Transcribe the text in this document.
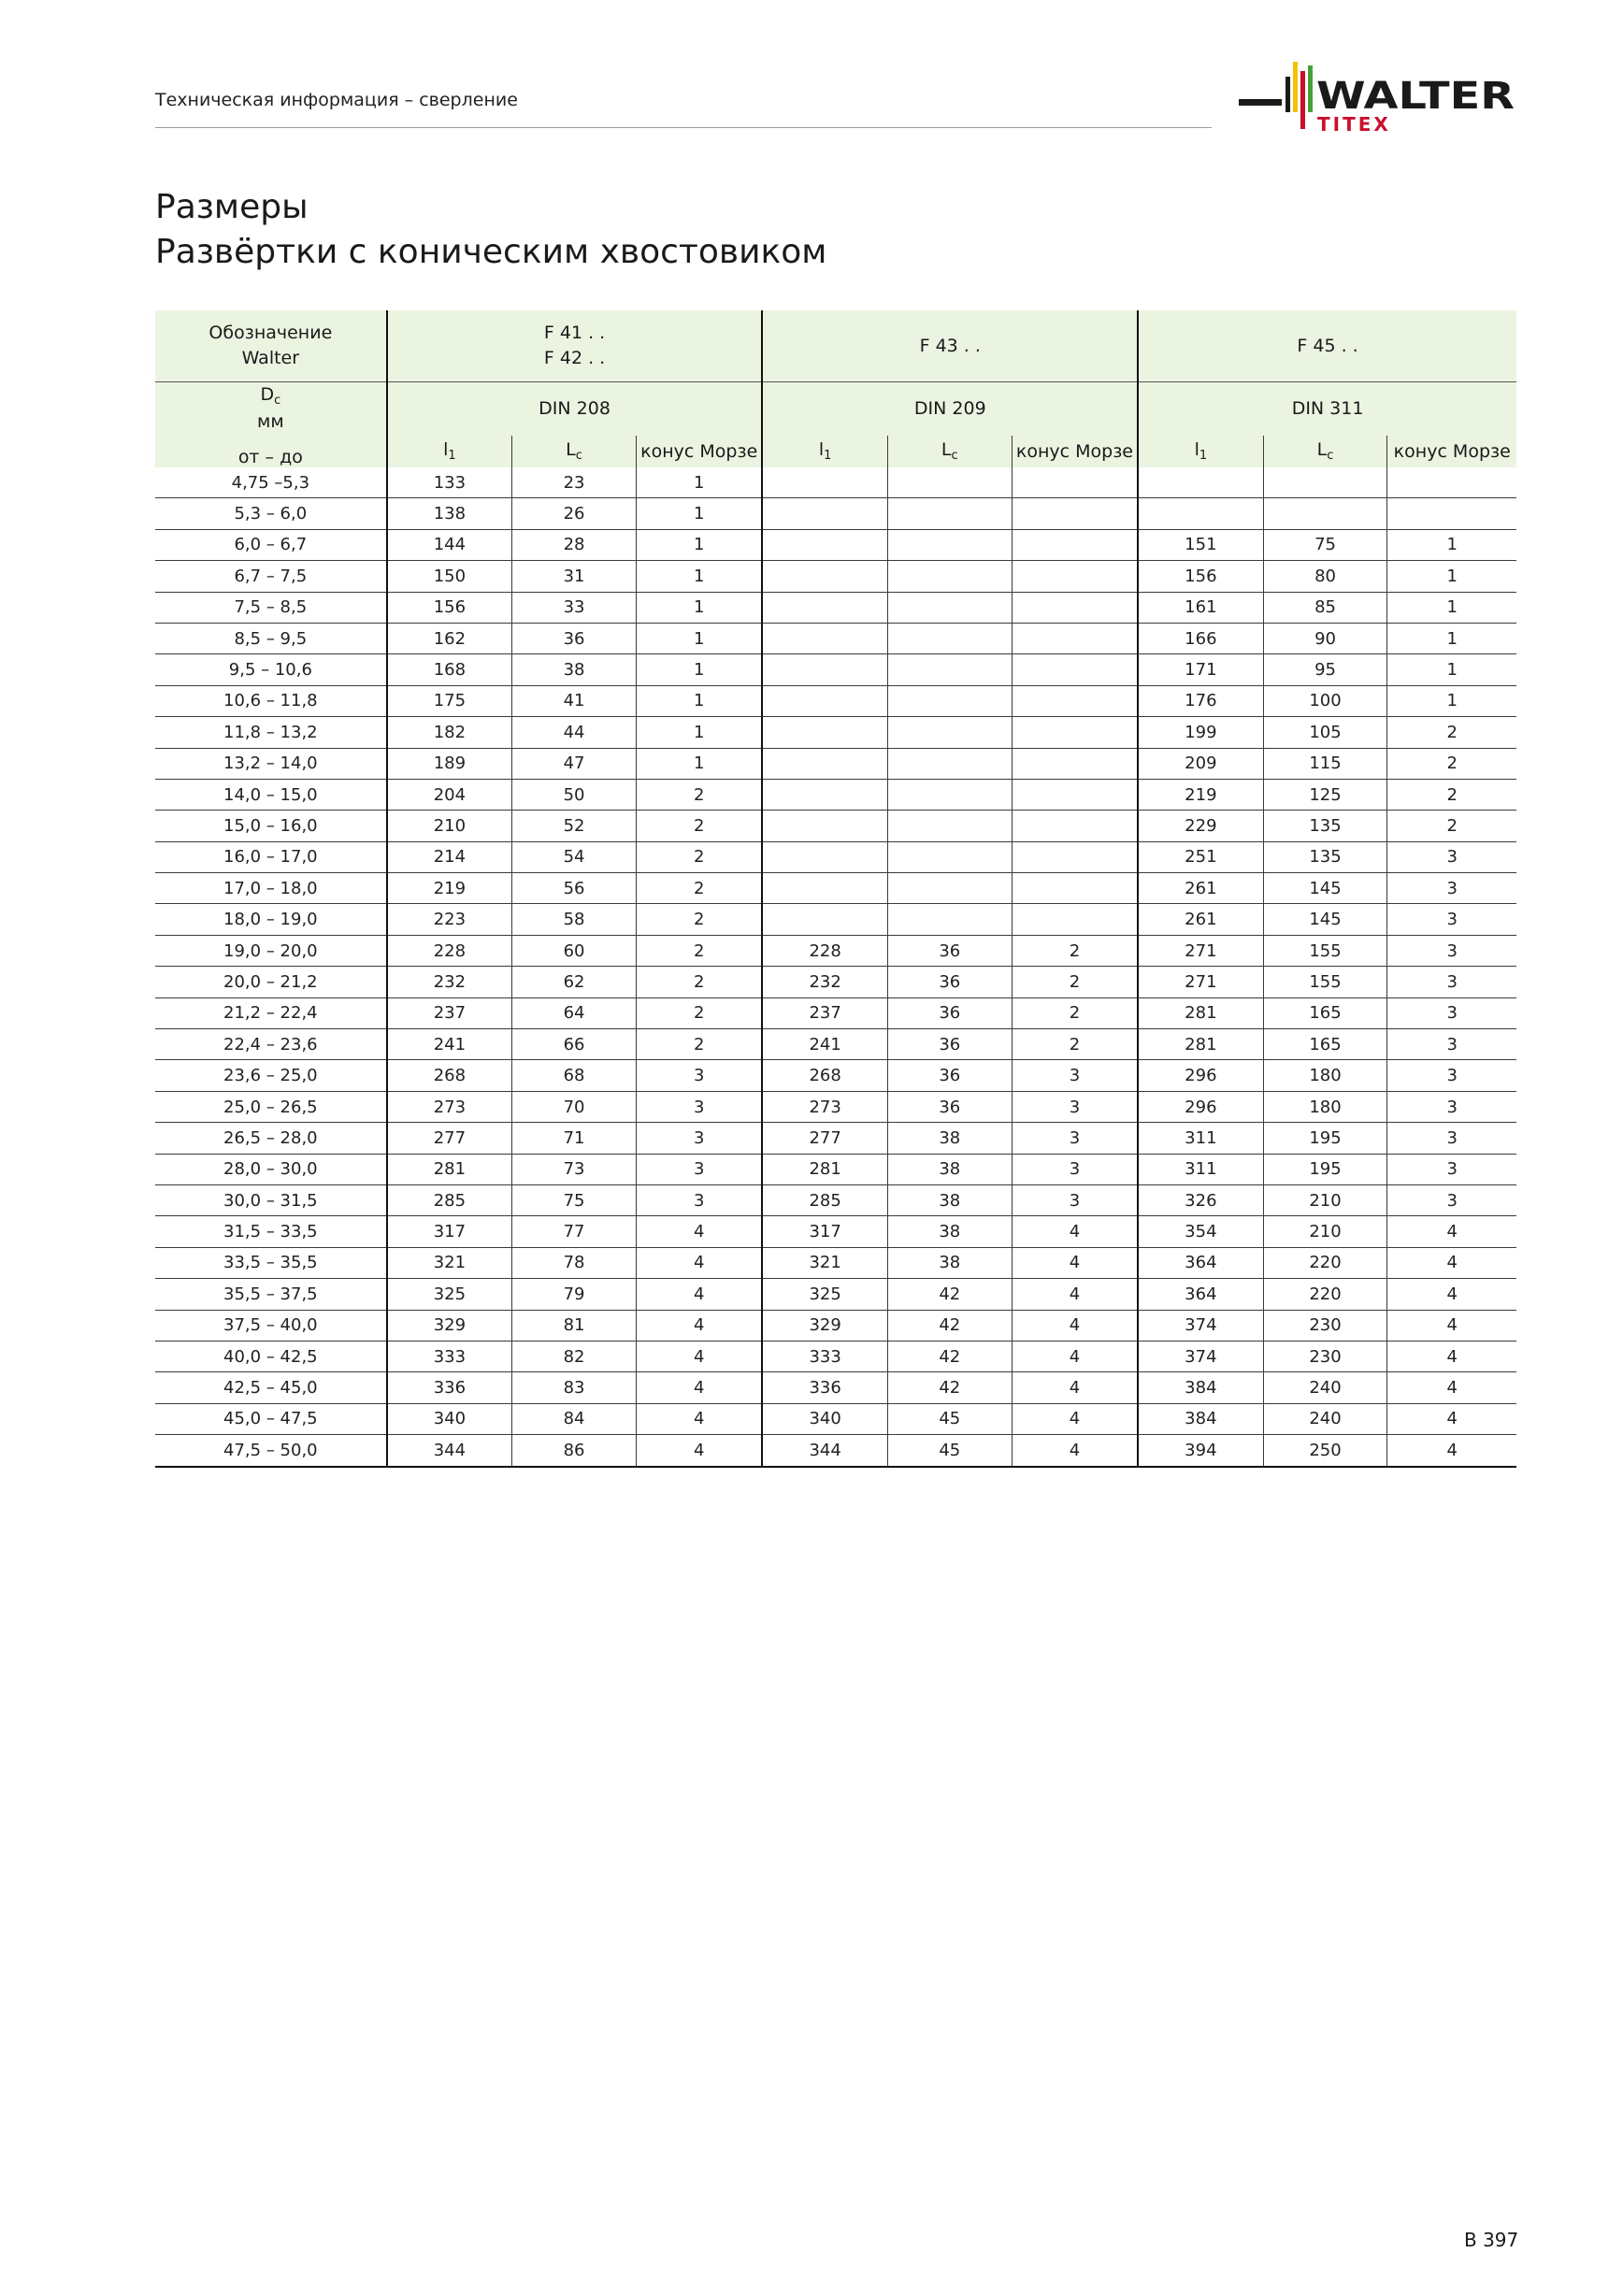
Техническая информация – сверление	WALTER
TITEX
Размеры
Развёртки с коническим хвостовиком
Обозначение
Walter	F 41 . .
F 42 . .			F 43 . .			F 45 . .		

$D_c$
мм
от – до	DIN 208			DIN 209			DIN 311		
	$l_1$	$L_c$	конус Морзе	$l_1$	$L_c$	конус Морзе	$l_1$	$L_c$	конус Морзе
4,75 –5,3	133	23	1						
5,3 – 6,0	138	26	1						
6,0 – 6,7	144	28	1				151	75	1
6,7 – 7,5	150	31	1				156	80	1
7,5 – 8,5	156	33	1				161	85	1
8,5 – 9,5	162	36	1				166	90	1
9,5 – 10,6	168	38	1				171	95	1
10,6 – 11,8	175	41	1				176	100	1
11,8 – 13,2	182	44	1				199	105	2
13,2 – 14,0	189	47	1				209	115	2
14,0 – 15,0	204	50	2				219	125	2
15,0 – 16,0	210	52	2				229	135	2
16,0 – 17,0	214	54	2				251	135	3
17,0 – 18,0	219	56	2				261	145	3
18,0 – 19,0	223	58	2				261	145	3
19,0 – 20,0	228	60	2	228	36	2	271	155	3
20,0 – 21,2	232	62	2	232	36	2	271	155	3
21,2 – 22,4	237	64	2	237	36	2	281	165	3
22,4 – 23,6	241	66	2	241	36	2	281	165	3
23,6 – 25,0	268	68	3	268	36	3	296	180	3
25,0 – 26,5	273	70	3	273	36	3	296	180	3
26,5 – 28,0	277	71	3	277	38	3	311	195	3
28,0 – 30,0	281	73	3	281	38	3	311	195	3
30,0 – 31,5	285	75	3	285	38	3	326	210	3
31,5 – 33,5	317	77	4	317	38	4	354	210	4
33,5 – 35,5	321	78	4	321	38	4	364	220	4
35,5 – 37,5	325	79	4	325	42	4	364	220	4
37,5 – 40,0	329	81	4	329	42	4	374	230	4
40,0 – 42,5	333	82	4	333	42	4	374	230	4
42,5 – 45,0	336	83	4	336	42	4	384	240	4
45,0 – 47,5	340	84	4	340	45	4	384	240	4
47,5 – 50,0	344	86	4	344	45	4	394	250	4
B 397
